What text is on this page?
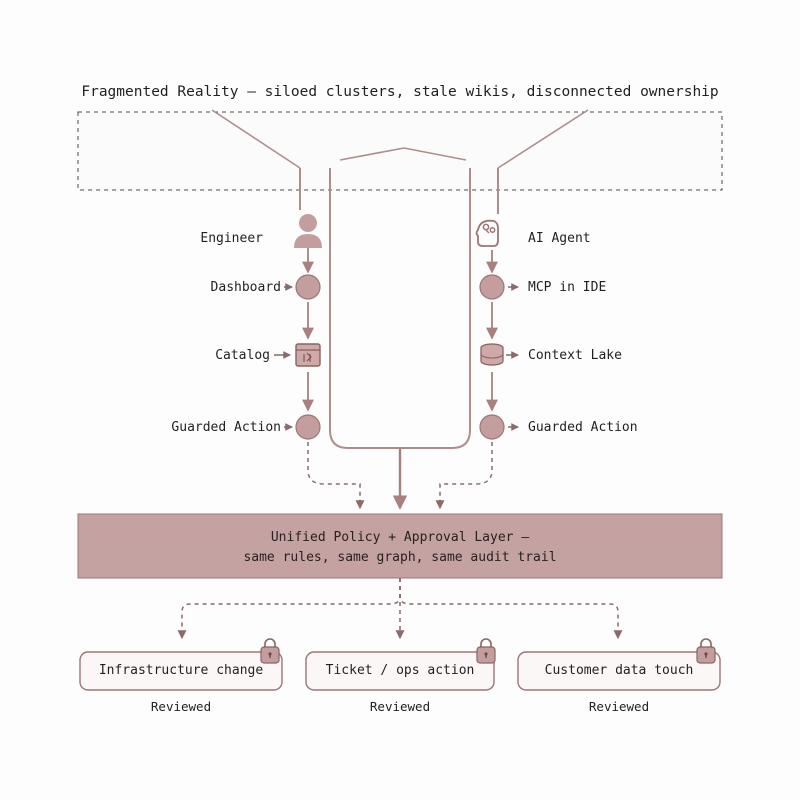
Fragmented Reality — siloed clusters, stale wikis, disconnected ownership
Engineer
Dashboard
Catalog
Guarded Action
AI Agent
MCP in IDE
Context Lake
Guarded Action
Unified Policy + Approval Layer —
same rules, same graph, same audit trail
Infrastructure change	Ticket / ops action	Customer data touch
Reviewed	Reviewed	Reviewed
